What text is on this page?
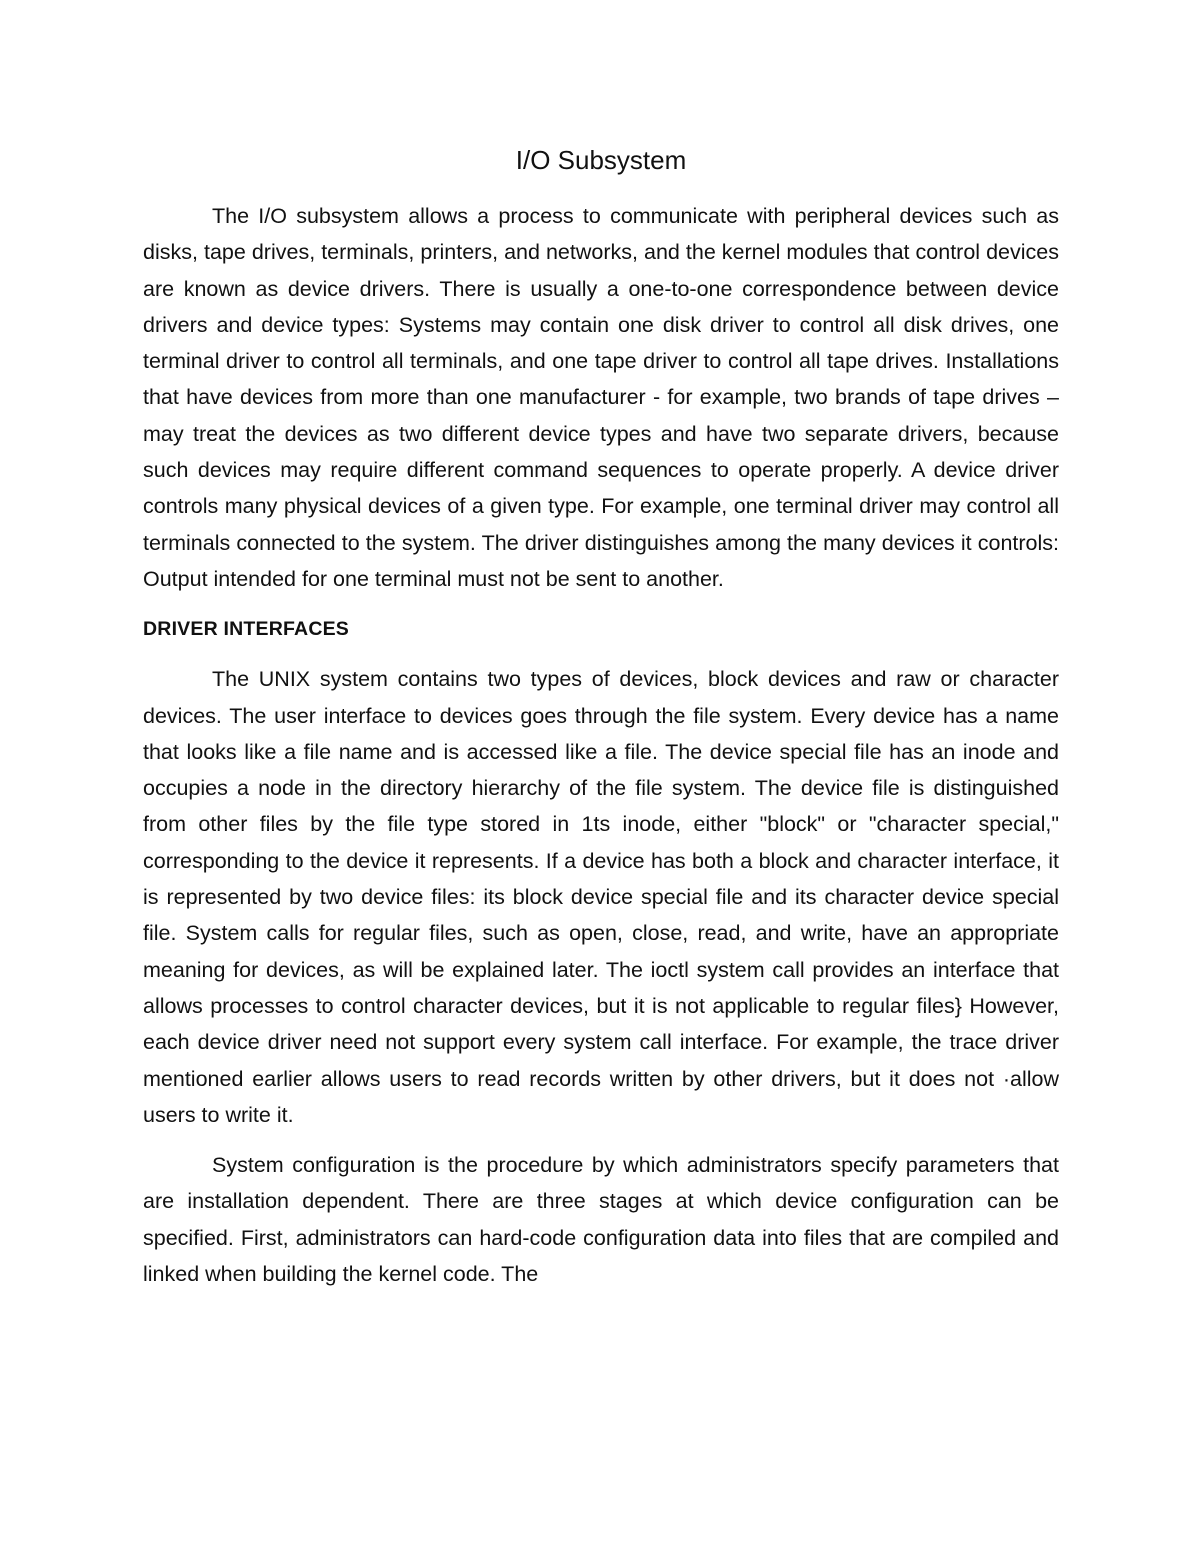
I/O Subsystem

The I/O subsystem allows a process to communicate with peripheral devices such as disks, tape drives, terminals, printers, and networks, and the kernel modules that control devices are known as device drivers. There is usually a one-to-one correspondence between device drivers and device types: Systems may contain one disk driver to control all disk drives, one terminal driver to control all terminals, and one tape driver to control all tape drives. Installations that have devices from more than one manufacturer - for example, two brands of tape drives – may treat the devices as two different device types and have two separate drivers, because such devices may require different command sequences to operate properly. A device driver controls many physical devices of a given type. For example, one terminal driver may control all terminals connected to the system. The driver distinguishes among the many devices it controls: Output intended for one terminal must not be sent to another.

DRIVER INTERFACES

The UNIX system contains two types of devices, block devices and raw or character devices. The user interface to devices goes through the file system. Every device has a name that looks like a file name and is accessed like a file. The device special file has an inode and occupies a node in the directory hierarchy of the file system. The device file is distinguished from other files by the file type stored in 1ts inode, either "block" or "character special," corresponding to the device it represents. If a device has both a block and character interface, it is represented by two device files: its block device special file and its character device special file. System calls for regular files, such as open, close, read, and write, have an appropriate meaning for devices, as will be explained later. The ioctl system call provides an interface that allows processes to control character devices, but it is not applicable to regular files} However, each device driver need not support every system call interface. For example, the trace driver mentioned earlier allows users to read records written by other drivers, but it does not ·allow users to write it.

System configuration is the procedure by which administrators specify parameters that are installation dependent. There are three stages at which device configuration can be specified. First, administrators can hard-code configuration data into files that are compiled and linked when building the kernel code. The
